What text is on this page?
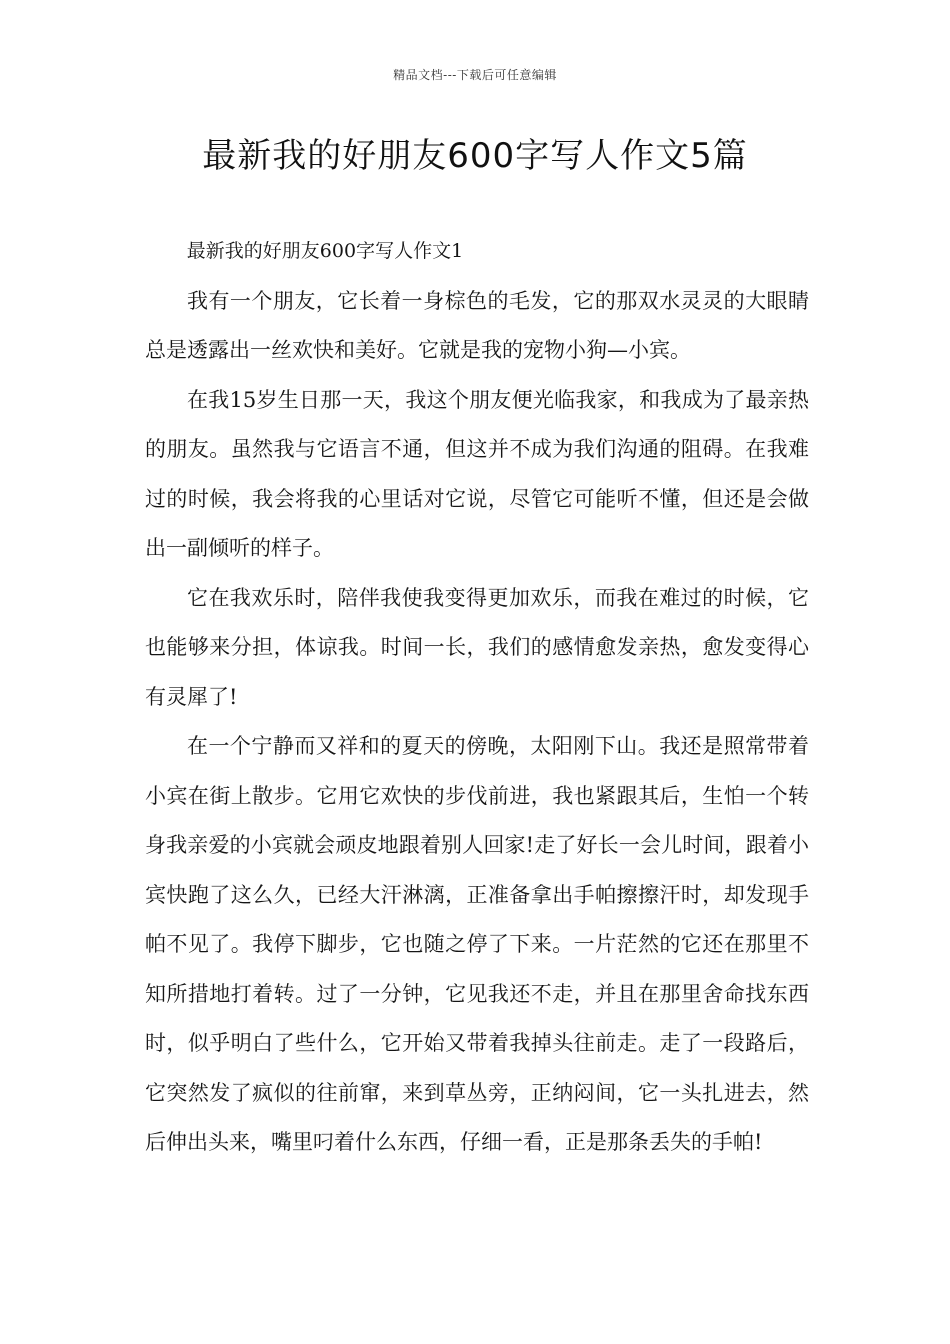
精品文档---下载后可任意编辑
最新我的好朋友600字写人作文5篇

最新我的好朋友600字写人作文1

我有一个朋友，它长着一身棕色的毛发，它的那双水灵灵的大眼睛总是透露出一丝欢快和美好。它就是我的宠物小狗—小宾。

在我15岁生日那一天，我这个朋友便光临我家，和我成为了最亲热的朋友。虽然我与它语言不通，但这并不成为我们沟通的阻碍。在我难过的时候，我会将我的心里话对它说，尽管它可能听不懂，但还是会做出一副倾听的样子。

它在我欢乐时，陪伴我使我变得更加欢乐，而我在难过的时候，它也能够来分担，体谅我。时间一长，我们的感情愈发亲热，愈发变得心有灵犀了!

在一个宁静而又祥和的夏天的傍晚，太阳刚下山。我还是照常带着小宾在街上散步。它用它欢快的步伐前进，我也紧跟其后，生怕一个转身我亲爱的小宾就会顽皮地跟着别人回家!走了好长一会儿时间，跟着小宾快跑了这么久，已经大汗淋漓，正准备拿出手帕擦擦汗时，却发现手帕不见了。我停下脚步，它也随之停了下来。一片茫然的它还在那里不知所措地打着转。过了一分钟，它见我还不走，并且在那里舍命找东西时，似乎明白了些什么，它开始又带着我掉头往前走。走了一段路后，它突然发了疯似的往前窜，来到草丛旁，正纳闷间，它一头扎进去，然后伸出头来，嘴里叼着什么东西，仔细一看，正是那条丢失的手帕!
